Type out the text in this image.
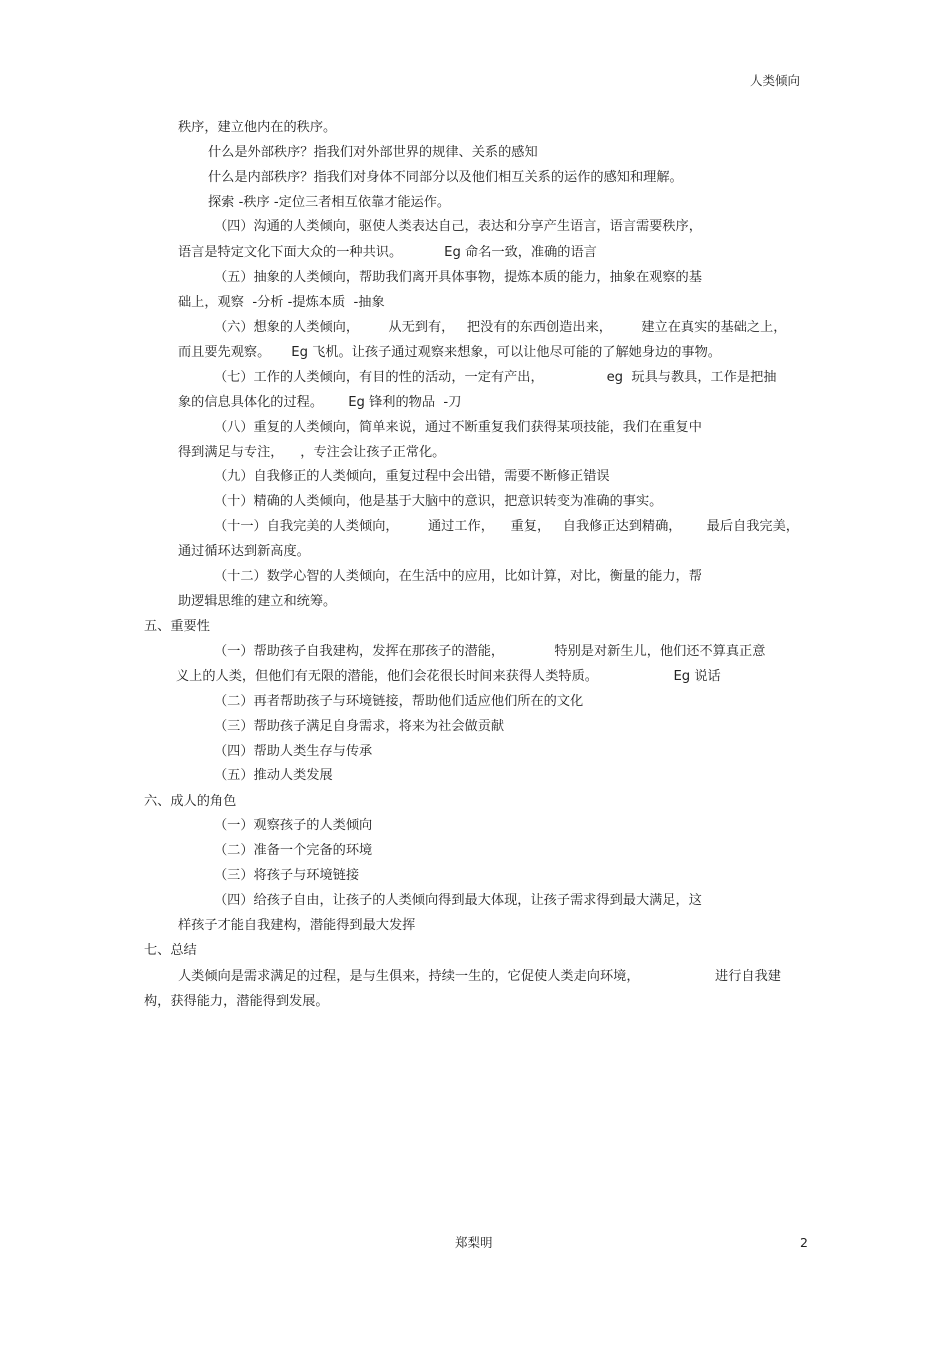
人类倾向
秩序，建立他内在的秩序。
什么是外部秩序？指我们对外部世界的规律、关系的感知
什么是内部秩序？指我们对身体不同部分以及他们相互关系的运作的感知和理解。
探索 -秩序 -定位三者相互依靠才能运作。
（四）沟通的人类倾向，驱使人类表达自己，表达和分享产生语言，语言需要秩序，
语言是特定文化下面大众的一种共识。          Eg 命名一致，准确的语言
（五）抽象的人类倾向，帮助我们离开具体事物，提炼本质的能力，抽象在观察的基
础上，观察  -分析 -提炼本质  -抽象
（六）想象的人类倾向，       从无到有，   把没有的东西创造出来，       建立在真实的基础之上，
而且要先观察。     Eg 飞机。让孩子通过观察来想象，可以让他尽可能的了解她身边的事物。
（七）工作的人类倾向，有目的性的活动，一定有产出，               eg  玩具与教具，工作是把抽
象的信息具体化的过程。      Eg 锋利的物品  -刀
（八）重复的人类倾向，简单来说，通过不断重复我们获得某项技能，我们在重复中
得到满足与专注，    ，专注会让孩子正常化。
（九）自我修正的人类倾向，重复过程中会出错，需要不断修正错误
（十）精确的人类倾向，他是基于大脑中的意识，把意识转变为准确的事实。
（十一）自我完美的人类倾向，       通过工作，    重复，   自我修正达到精确，      最后自我完美，
通过循环达到新高度。
（十二）数学心智的人类倾向，在生活中的应用，比如计算，对比，衡量的能力，帮
助逻辑思维的建立和统筹。
五、重要性
（一）帮助孩子自我建构，发挥在那孩子的潜能，            特别是对新生儿，他们还不算真正意
义上的人类，但他们有无限的潜能，他们会花很长时间来获得人类特质。                  Eg 说话
（二）再者帮助孩子与环境链接，帮助他们适应他们所在的文化
（三）帮助孩子满足自身需求，将来为社会做贡献
（四）帮助人类生存与传承
（五）推动人类发展
六、成人的角色
（一）观察孩子的人类倾向
（二）准备一个完备的环境
（三）将孩子与环境链接
（四）给孩子自由，让孩子的人类倾向得到最大体现，让孩子需求得到最大满足，这
样孩子才能自我建构，潜能得到最大发挥
七、总结
人类倾向是需求满足的过程，是与生俱来，持续一生的，它促使人类走向环境，                  进行自我建
构，获得能力，潜能得到发展。
郑梨明	2
